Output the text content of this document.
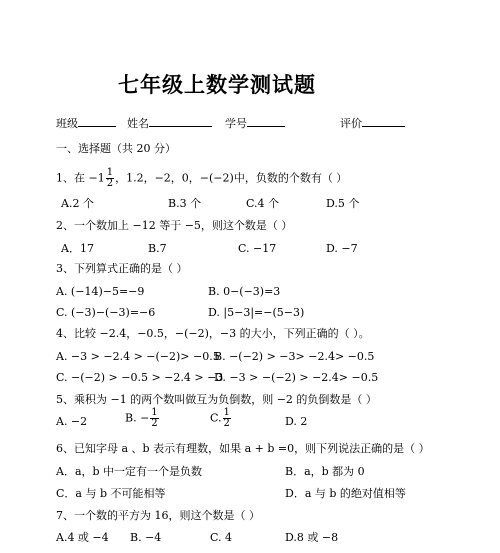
七年级上数学测试题
班级	姓名	学号	评价
一、选择题（共 20 分）
1、在 $-1 \frac{1}{2}$ ，1.2，−2，0，−(−2)中，负数的个数有（ ）
A.2 个	B.3 个	C.4 个	D.5 个
2、一个数加上 −12 等于 −5，则这个数是（ ）
A．17	B.7	C. −17	D. −7
3、下列算式正确的是（ ）
A. (−14)−5=−9	B. 0−(−3)=3
C. (−3)−(−3)=−6	D. |5−3|=−(5−3)
4、比较 −2.4，−0.5，−(−2)，−3 的大小，下列正确的（ ）。
A. −3 > −2.4 > −(−2)> −0.5
B. −(−2) > −3> −2.4> −0.5
C. −(−2) > −0.5 > −2.4 > −3
D. −3 > −(−2) > −2.4> −0.5
5、乘积为 −1 的两个数叫做互为负倒数，则 −2 的负倒数是（ ）
A. −2	B. − $\frac{1}{2}$	C. $\frac{1}{2}$	D. 2
6、已知字母 a 、b 表示有理数，如果 a + b =0，则下列说法正确的是（ ）
A．a，b 中一定有一个是负数	B．a，b 都为 0
C．a 与 b 不可能相等	D．a 与 b 的绝对值相等
7、一个数的平方为 16，则这个数是（ ）
A.4 或 −4 B. −4	C. 4	D.8 或 −8
